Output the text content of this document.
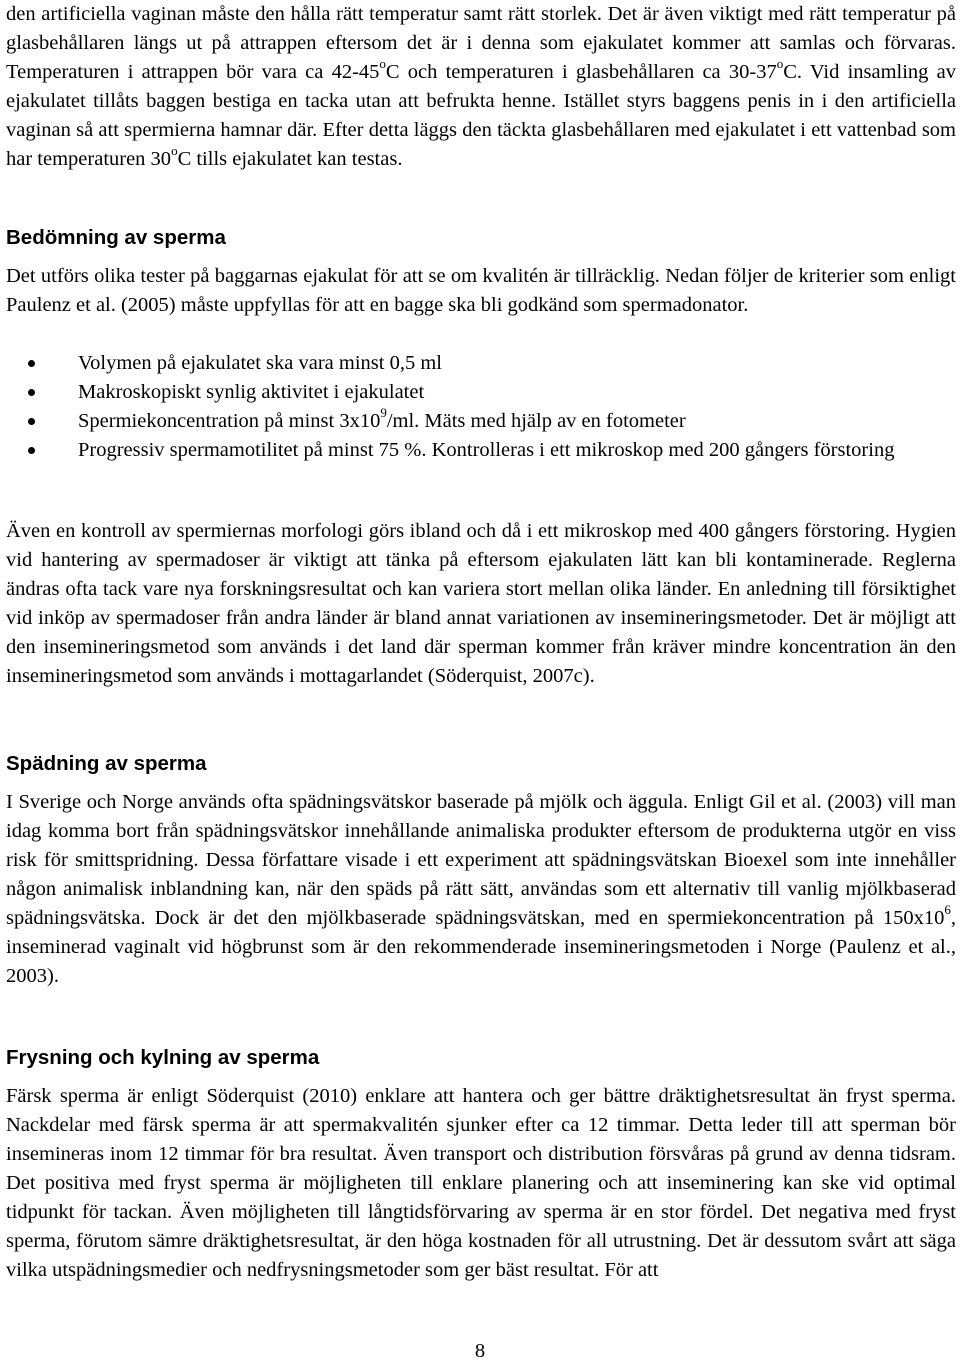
den artificiella vaginan måste den hålla rätt temperatur samt rätt storlek. Det är även viktigt med rätt temperatur på glasbehållaren längs ut på attrappen eftersom det är i denna som ejakulatet kommer att samlas och förvaras. Temperaturen i attrappen bör vara ca 42-45$^o$C och temperaturen i glasbehållaren ca 30-37$^o$C. Vid insamling av ejakulatet tillåts baggen bestiga en tacka utan att befrukta henne. Istället styrs baggens penis in i den artificiella vaginan så att spermierna hamnar där. Efter detta läggs den täckta glasbehållaren med ejakulatet i ett vattenbad som har temperaturen 30$^o$C tills ejakulatet kan testas.

Bedömning av sperma

Det utförs olika tester på baggarnas ejakulat för att se om kvalitén är tillräcklig. Nedan följer de kriterier som enligt Paulenz et al. (2005) måste uppfyllas för att en bagge ska bli godkänd som spermadonator.

Volymen på ejakulatet ska vara minst 0,5 ml
Makroskopiskt synlig aktivitet i ejakulatet
Spermiekoncentration på minst $3x10^9/ml$. Mäts med hjälp av en fotometer
Progressiv spermamotilitet på minst 75 %. Kontrolleras i ett mikroskop med 200 gångers förstoring

Även en kontroll av spermiernas morfologi görs ibland och då i ett mikroskop med 400 gångers förstoring. Hygien vid hantering av spermadoser är viktigt att tänka på eftersom ejakulaten lätt kan bli kontaminerade. Reglerna ändras ofta tack vare nya forskningsresultat och kan variera stort mellan olika länder. En anledning till försiktighet vid inköp av spermadoser från andra länder är bland annat variationen av insemineringsmetoder. Det är möjligt att den insemineringsmetod som används i det land där sperman kommer från kräver mindre koncentration än den insemineringsmetod som används i mottagarlandet (Söderquist, 2007c).

Spädning av sperma

I Sverige och Norge används ofta spädningsvätskor baserade på mjölk och äggula. Enligt Gil et al. (2003) vill man idag komma bort från spädningsvätskor innehållande animaliska produkter eftersom de produkterna utgör en viss risk för smittspridning. Dessa författare visade i ett experiment att spädningsvätskan Bioexel som inte innehåller någon animalisk inblandning kan, när den späds på rätt sätt, användas som ett alternativ till vanlig mjölkbaserad spädningsvätska. Dock är det den mjölkbaserade spädningsvätskan, med en spermiekoncentration på $150x10^6$, inseminerad vaginalt vid högbrunst som är den rekommenderade insemineringsmetoden i Norge (Paulenz et al., 2003).

Frysning och kylning av sperma

Färsk sperma är enligt Söderquist (2010) enklare att hantera och ger bättre dräktighetsresultat än fryst sperma. Nackdelar med färsk sperma är att spermakvalitén sjunker efter ca 12 timmar. Detta leder till att sperman bör insemineras inom 12 timmar för bra resultat. Även transport och distribution försvåras på grund av denna tidsram. Det positiva med fryst sperma är möjligheten till enklare planering och att inseminering kan ske vid optimal tidpunkt för tackan. Även möjligheten till långtidsförvaring av sperma är en stor fördel. Det negativa med fryst sperma, förutom sämre dräktighetsresultat, är den höga kostnaden för all utrustning. Det är dessutom svårt att säga vilka utspädningsmedier och nedfrysningsmetoder som ger bäst resultat. För att

8
